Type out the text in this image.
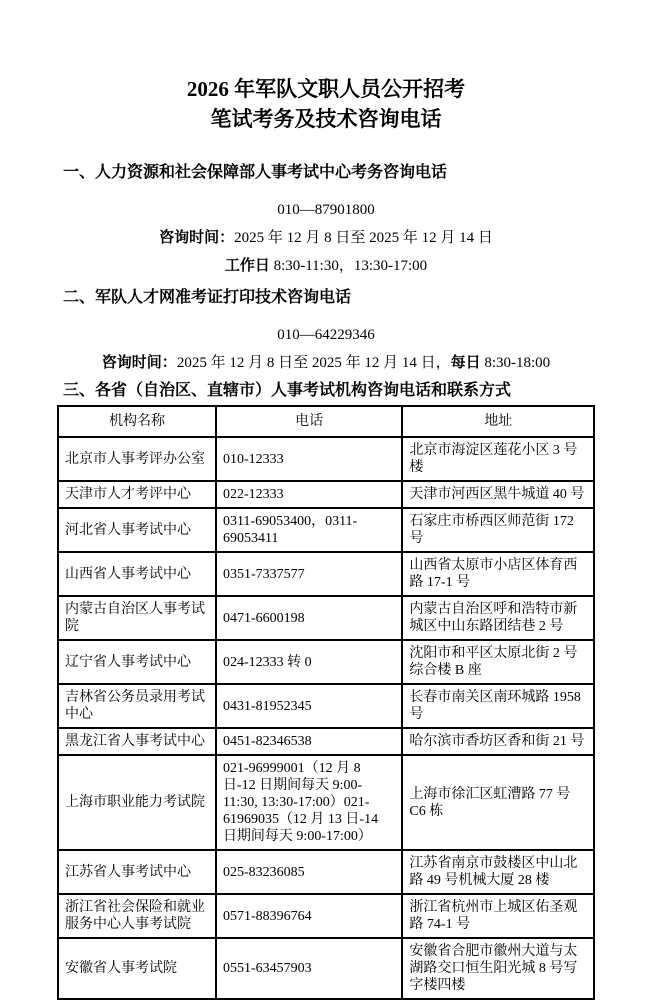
2026 年军队文职人员公开招考
笔试考务及技术咨询电话
一、人力资源和社会保障部人事考试中心考务咨询电话
010—87901800
咨询时间：2025 年 12 月 8 日至 2025 年 12 月 14 日
工作日 8:30-11:30，13:30-17:00
二、军队人才网准考证打印技术咨询电话
010—64229346
咨询时间：2025 年 12 月 8 日至 2025 年 12 月 14 日，每日 8:30-18:00
三、各省（自治区、直辖市）人事考试机构咨询电话和联系方式
机构名称	电话	地址
北京市人事考评办公室	010-12333	北京市海淀区莲花小区 3 号楼
天津市人才考评中心	022-12333	天津市河西区黑牛城道 40 号
河北省人事考试中心	0311-69053400，0311-69053411	石家庄市桥西区师范街 172 号
山西省人事考试中心	0351-7337577	山西省太原市小店区体育西路 17-1 号
内蒙古自治区人事考试院	0471-6600198	内蒙古自治区呼和浩特市新城区中山东路团结巷 2 号
辽宁省人事考试中心	024-12333 转 0	沈阳市和平区太原北街 2 号综合楼 B 座
吉林省公务员录用考试中心	0431-81952345	长春市南关区南环城路 1958 号
黑龙江省人事考试中心	0451-82346538	哈尔滨市香坊区香和街 21 号
上海市职业能力考试院	021-96999001（12 月 8 日-12 日期间每天 9:00-11:30, 13:30-17:00）021-61969035（12 月 13 日-14 日期间每天 9:00-17:00）	上海市徐汇区虹漕路 77 号 C6 栋
江苏省人事考试中心	025-83236085	江苏省南京市鼓楼区中山北路 49 号机械大厦 28 楼
浙江省社会保险和就业服务中心人事考试院	0571-88396764	浙江省杭州市上城区佑圣观路 74-1 号
安徽省人事考试院	0551-63457903	安徽省合肥市徽州大道与太湖路交口恒生阳光城 8 号写字楼四楼
